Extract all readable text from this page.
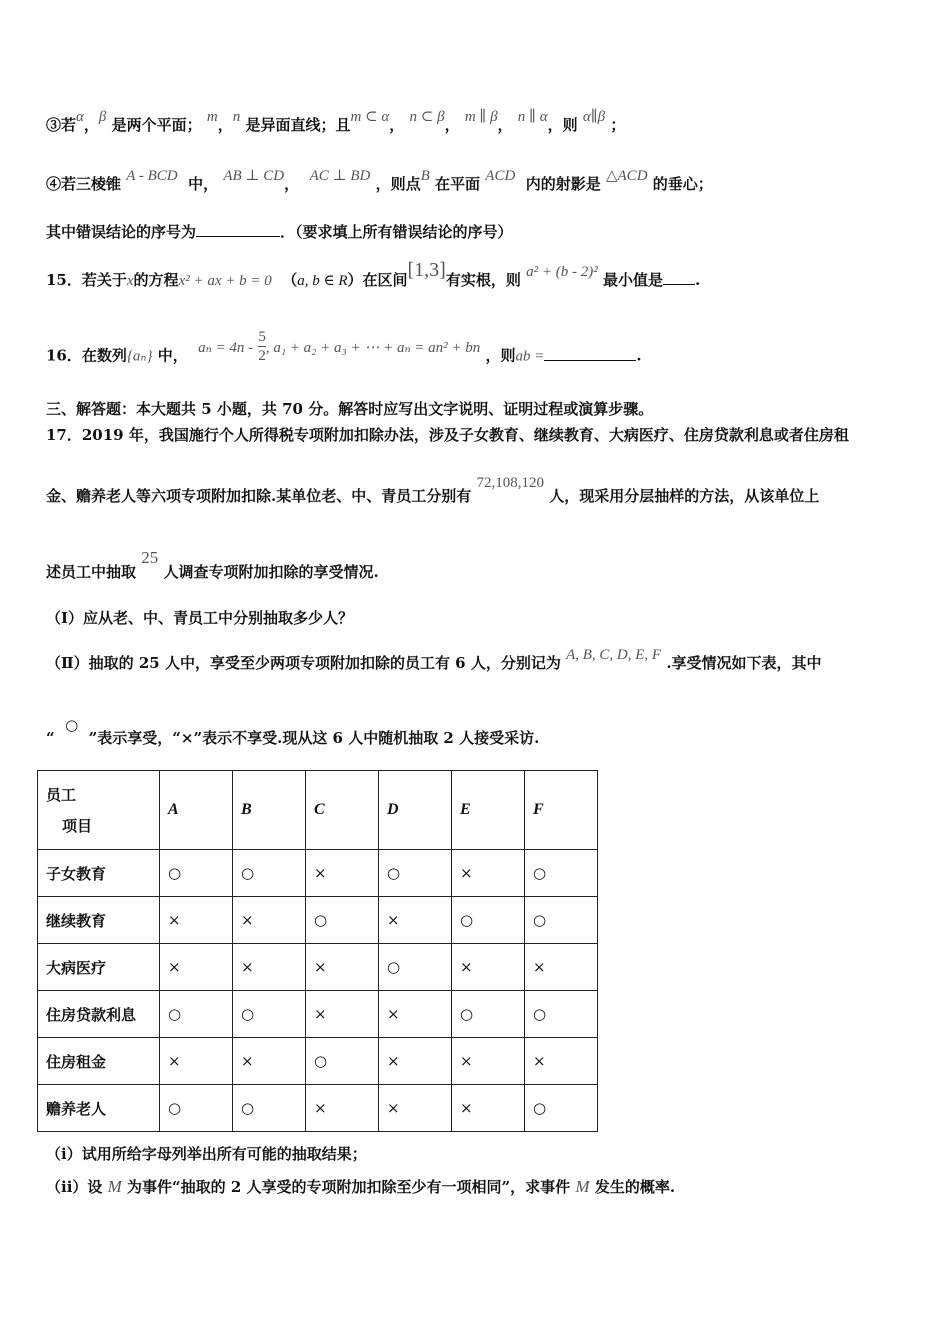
③若α，β 是两个平面； m，n 是异面直线；且m ⊂ α， n ⊂ β， m ∥ β， n ∥ α，则 α∥β ；
④若三棱锥 A - BCD 中， AB ⊥ CD， AC ⊥ BD ，则点B 在平面 ACD 内的射影是 △ACD 的垂心；
其中错误结论的序号为	．（要求填上所有错误结论的序号）
15．若关于x的方程x² + ax + b = 0 （a, b ∈ R）在区间[1,3]有实根，则 a² + (b - 2)² 最小值是 .
16．在数列{aₙ} 中， $a_n = 4n - \frac{5}{2}$ , a₁ + a₂ + a₃ + ⋯ + aₙ = an² + bn ，则ab =	.
三、解答题：本大题共 5 小题，共 70 分。解答时应写出文字说明、证明过程或演算步骤。
17．2019 年，我国施行个人所得税专项附加扣除办法，涉及子女教育、继续教育、大病医疗、住房贷款利息或者住房租
金、赡养老人等六项专项附加扣除.某单位老、中、青员工分别有 72,108,120 人，现采用分层抽样的方法，从该单位上
述员工中抽取 25 人调查专项附加扣除的享受情况.
（Ⅰ）应从老、中、青员工中分别抽取多少人？
（Ⅱ）抽取的 25 人中，享受至少两项专项附加扣除的员工有 6 人，分别记为 A, B, C, D, E, F .享受情况如下表，其中
“  ○  ”表示享受，“×”表示不享受.现从这 6 人中随机抽取 2 人接受采访.
员工
项目	A	B	C	D	E	F
子女教育	○	○	×	○	×	○
继续教育	×	×	○	×	○	○
大病医疗	×	×	×	○	×	×
住房贷款利息	○	○	×	×	○	○
住房租金	×	×	○	×	×	×
赡养老人	○	○	×	×	×	○
（i）试用所给字母列举出所有可能的抽取结果；
（ii）设 M 为事件“抽取的 2 人享受的专项附加扣除至少有一项相同”，求事件 M 发生的概率.
